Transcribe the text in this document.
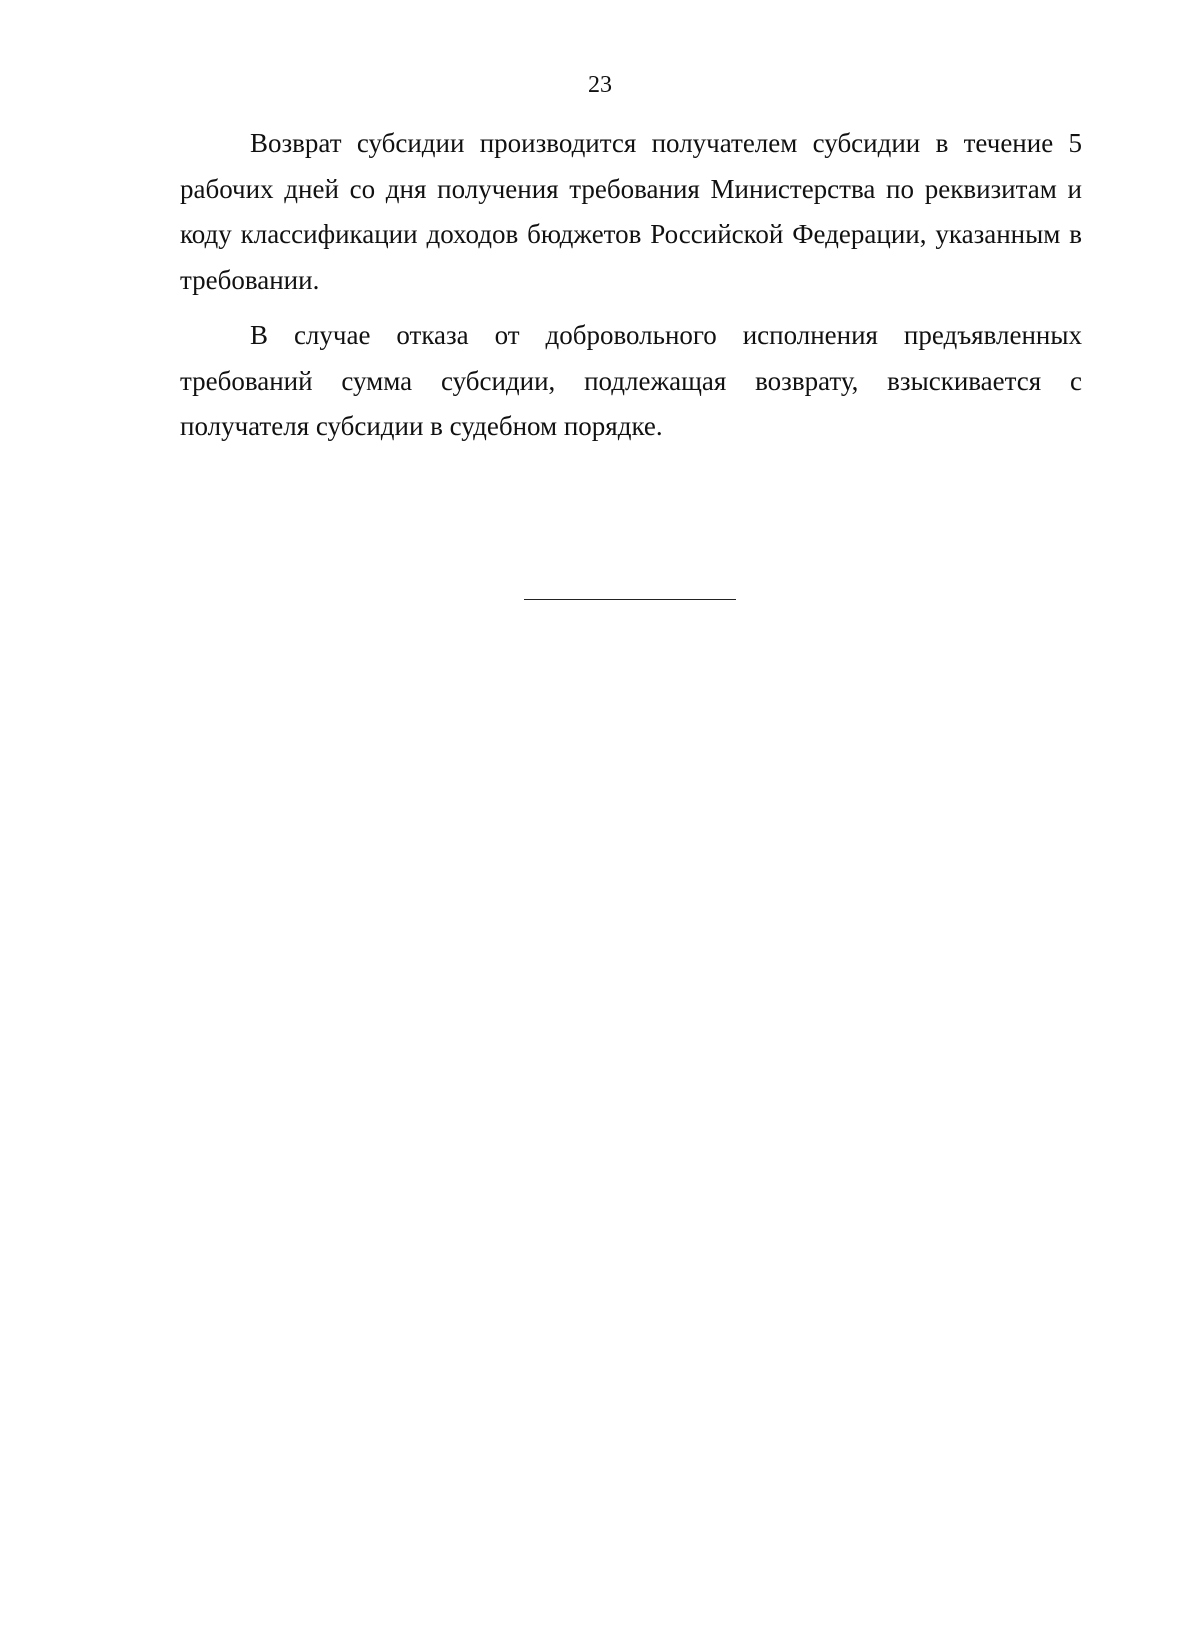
23

Возврат субсидии производится получателем субсидии в течение 5 рабочих дней со дня получения требования Министерства по реквизитам и коду классификации доходов бюджетов Российской Федерации, указанным в требовании.

В случае отказа от добровольного исполнения предъявленных требований сумма субсидии, подлежащая возврату, взыскивается с получателя субсидии в судебном порядке.
